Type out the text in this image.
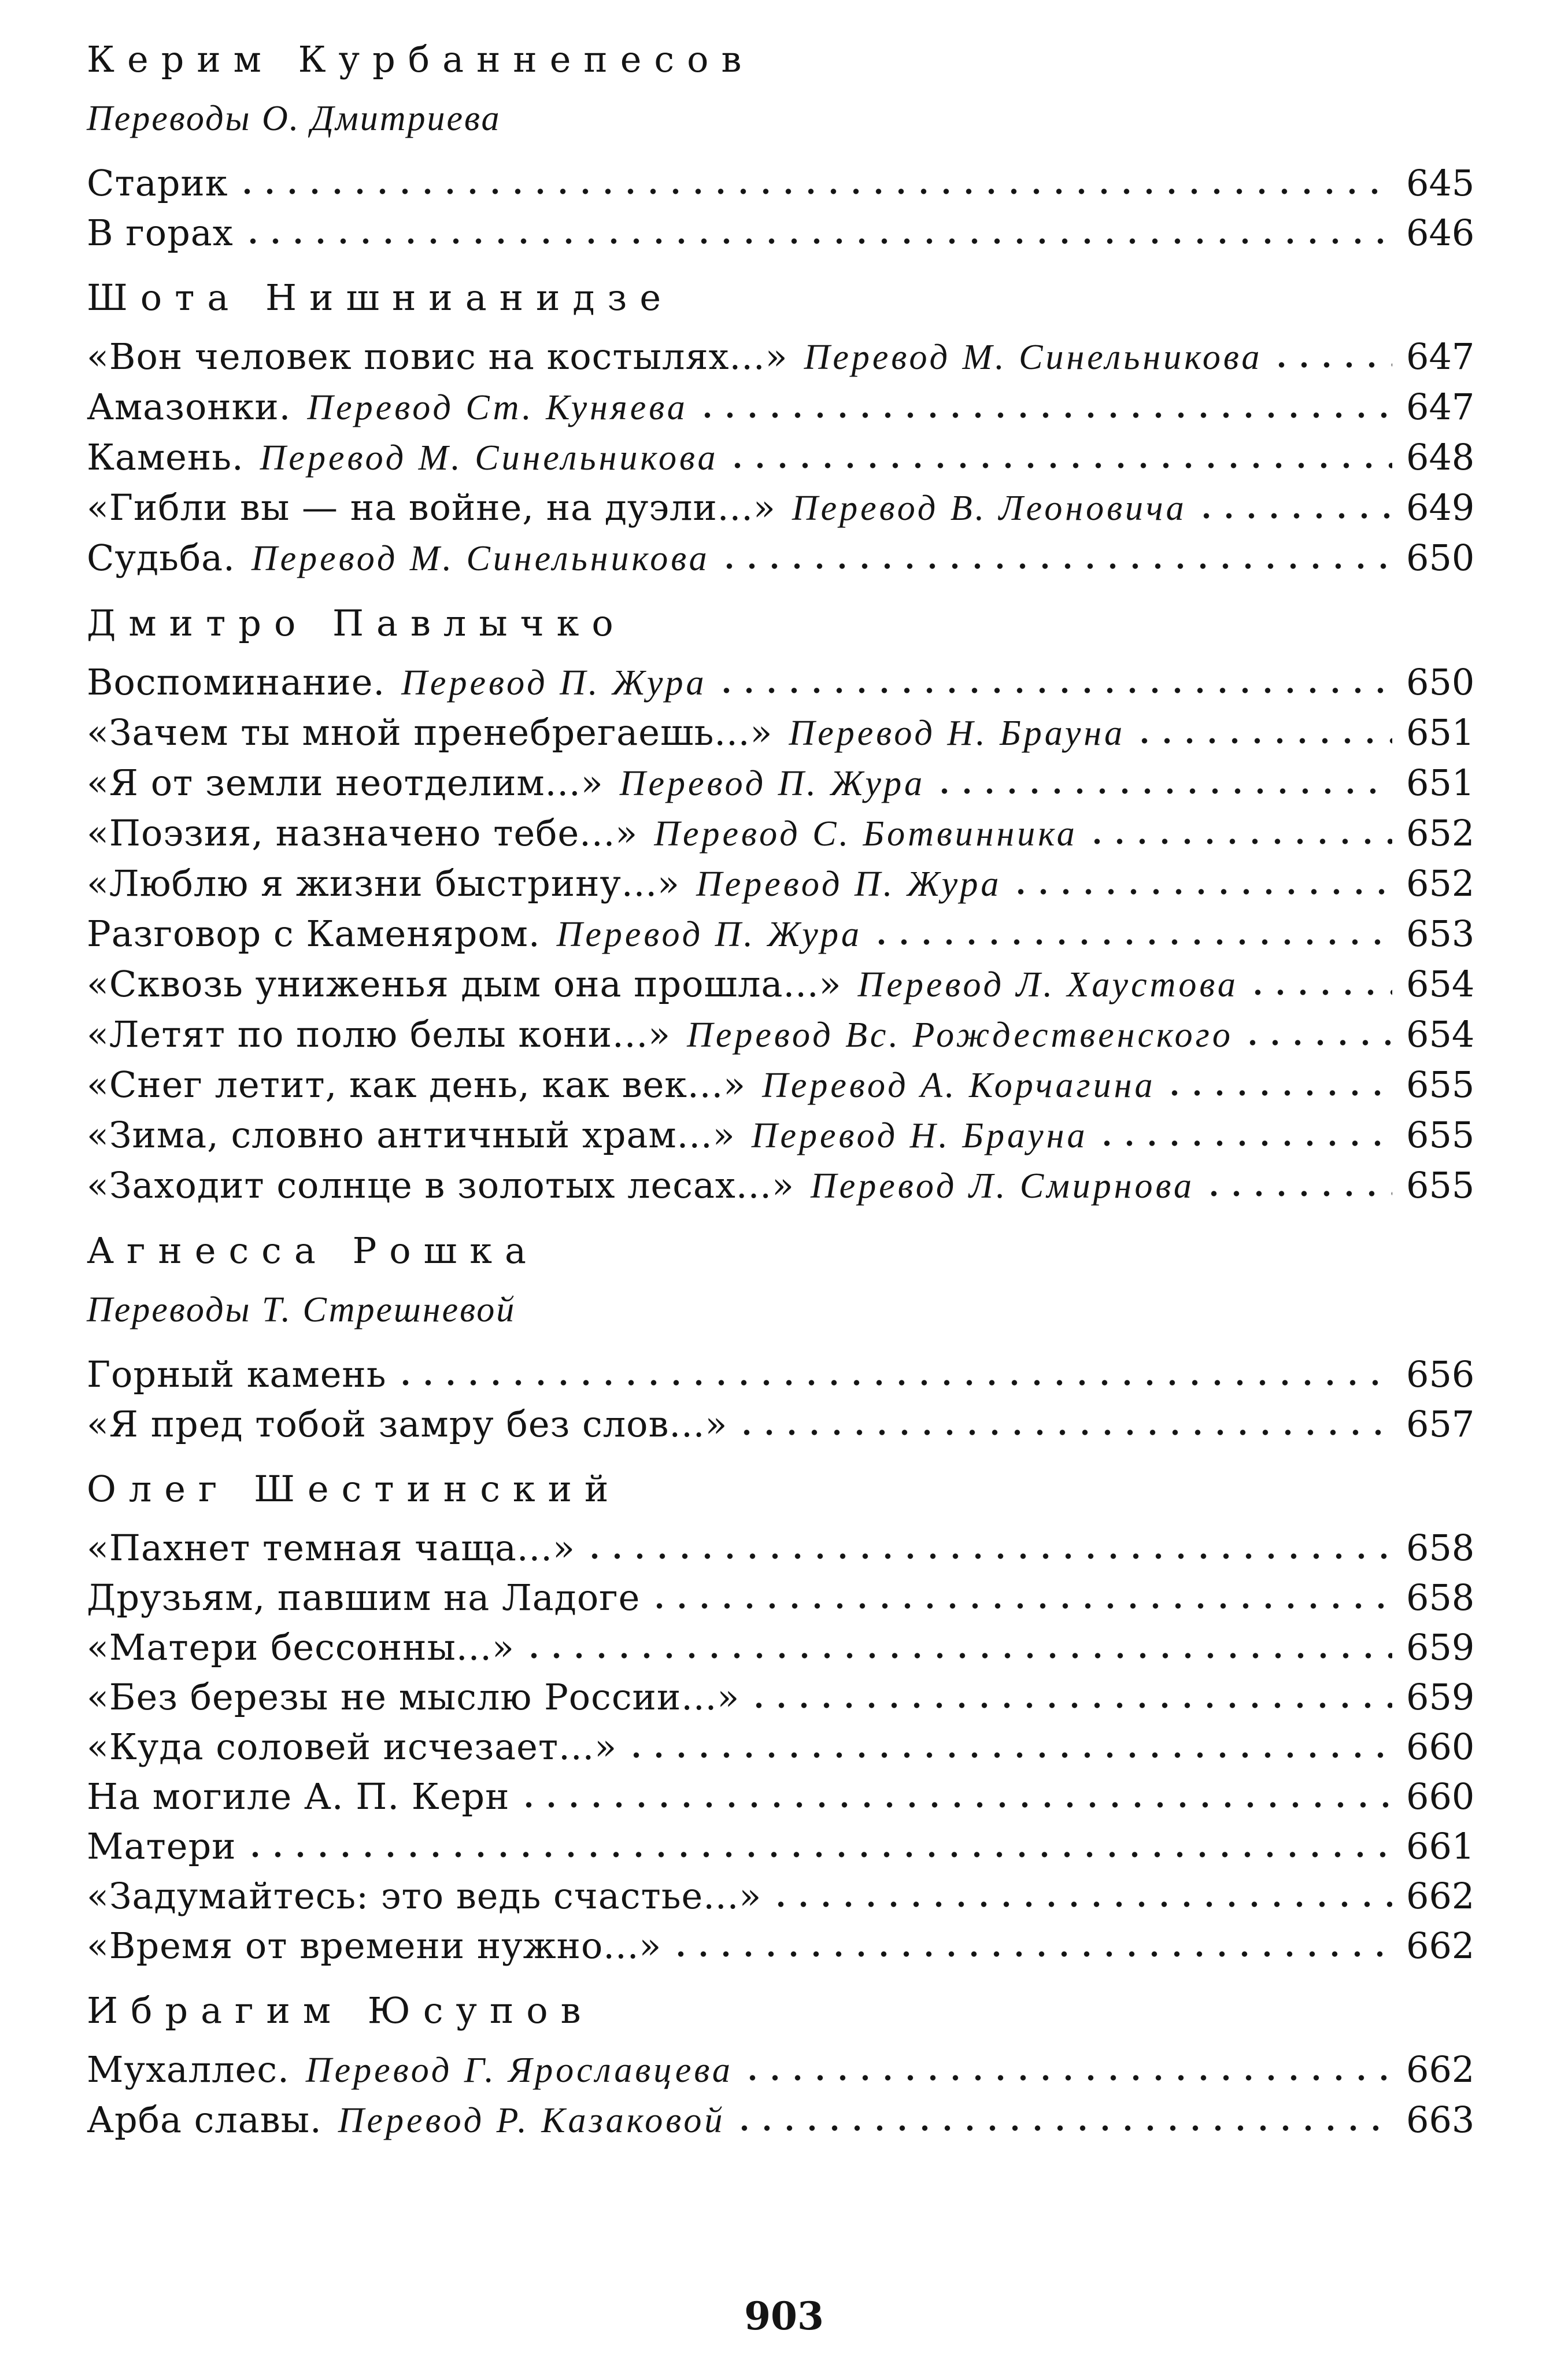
Керим Курбаннепесов
Переводы О. Дмитриева
Старик	645
В горах	646
Шота Нишнианидзе
«Вон человек повис на костылях...» Перевод М. Синельникова	647
Амазонки. Перевод Ст. Куняева	647
Камень. Перевод М. Синельникова	648
«Гибли вы — на войне, на дуэли...» Перевод В. Леоновича	649
Судьба. Перевод М. Синельникова	650
Дмитро Павлычко
Воспоминание. Перевод П. Жура	650
«Зачем ты мной пренебрегаешь...» Перевод Н. Брауна	651
«Я от земли неотделим...» Перевод П. Жура	651
«Поэзия, назначено тебе...» Перевод С. Ботвинника	652
«Люблю я жизни быстрину...» Перевод П. Жура	652
Разговор с Каменяром. Перевод П. Жура	653
«Сквозь униженья дым она прошла...» Перевод Л. Хаустова	654
«Летят по полю белы кони...» Перевод Вс. Рождественского	654
«Снег летит, как день, как век...» Перевод А. Корчагина	655
«Зима, словно античный храм...» Перевод Н. Брауна	655
«Заходит солнце в золотых лесах...» Перевод Л. Смирнова	655
Агнесса Рошка
Переводы Т. Стрешневой
Горный камень	656
«Я пред тобой замру без слов...»	657
Олег Шестинский
«Пахнет темная чаща...»	658
Друзьям, павшим на Ладоге	658
«Матери бессонны...»	659
«Без березы не мыслю России...»	659
«Куда соловей исчезает...»	660
На могиле А. П. Керн	660
Матери	661
«Задумайтесь: это ведь счастье...»	662
«Время от времени нужно...»	662
Ибрагим Юсупов
Мухаллес. Перевод Г. Ярославцева	662
Арба славы. Перевод Р. Казаковой	663
903
